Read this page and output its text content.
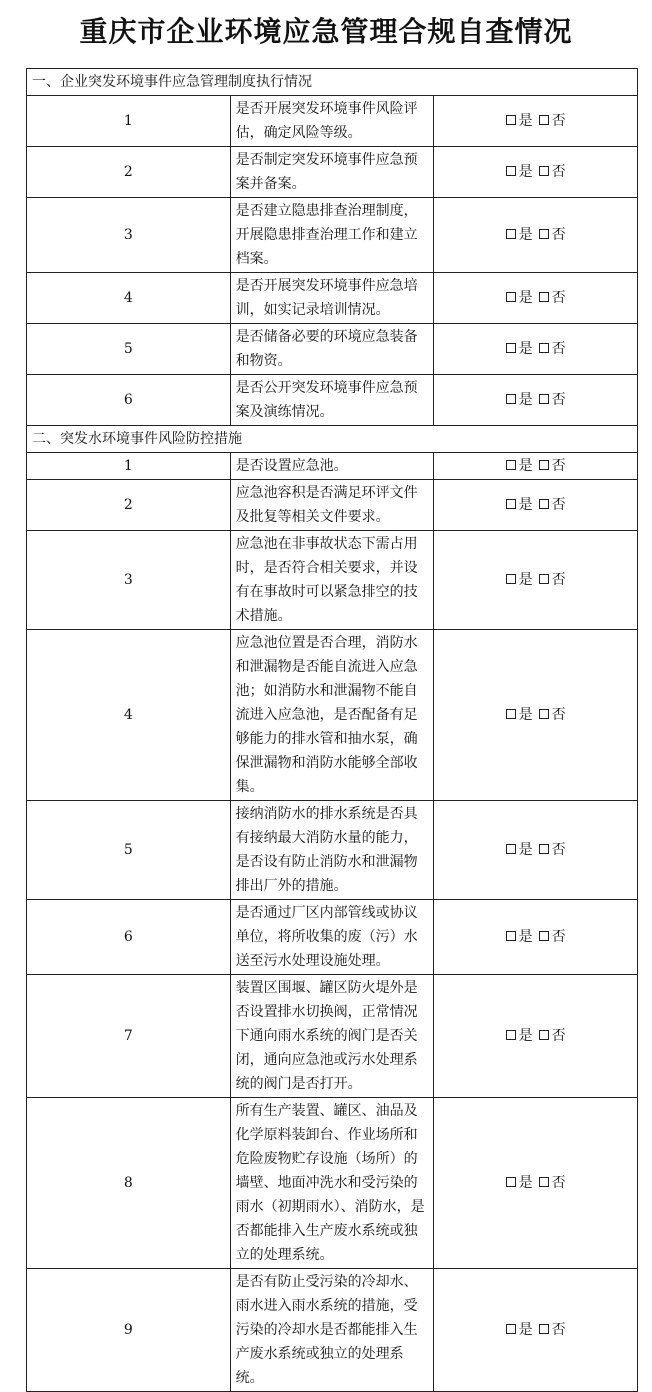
重庆市企业环境应急管理合规自查情况
一、企业突发环境事件应急管理制度执行情况		
1	是否开展突发环境事件风险评估，确定风险等级。	是 否
2	是否制定突发环境事件应急预案并备案。	是 否
3	是否建立隐患排查治理制度，开展隐患排查治理工作和建立档案。	是 否
4	是否开展突发环境事件应急培训，如实记录培训情况。	是 否
5	是否储备必要的环境应急装备和物资。	是 否
6	是否公开突发环境事件应急预案及演练情况。	是 否
二、突发水环境事件风险防控措施		
1	是否设置应急池。	是 否
2	应急池容积是否满足环评文件及批复等相关文件要求。	是 否
3	应急池在非事故状态下需占用时，是否符合相关要求，并设有在事故时可以紧急排空的技术措施。	是 否
4	应急池位置是否合理，消防水和泄漏物是否能自流进入应急池；如消防水和泄漏物不能自流进入应急池，是否配备有足够能力的排水管和抽水泵，确保泄漏物和消防水能够全部收集。	是 否
5	接纳消防水的排水系统是否具有接纳最大消防水量的能力，是否设有防止消防水和泄漏物排出厂外的措施。	是 否
6	是否通过厂区内部管线或协议单位，将所收集的废（污）水送至污水处理设施处理。	是 否
7	装置区围堰、罐区防火堤外是否设置排水切换阀，正常情况下通向雨水系统的阀门是否关闭，通向应急池或污水处理系统的阀门是否打开。	是 否
8	所有生产装置、罐区、油品及化学原料装卸台、作业场所和危险废物贮存设施（场所）的墙壁、地面冲洗水和受污染的雨水（初期雨水）、消防水，是否都能排入生产废水系统或独立的处理系统。	是 否
9	是否有防止受污染的冷却水、雨水进入雨水系统的措施，受污染的冷却水是否都能排入生产废水系统或独立的处理系统。	是 否
